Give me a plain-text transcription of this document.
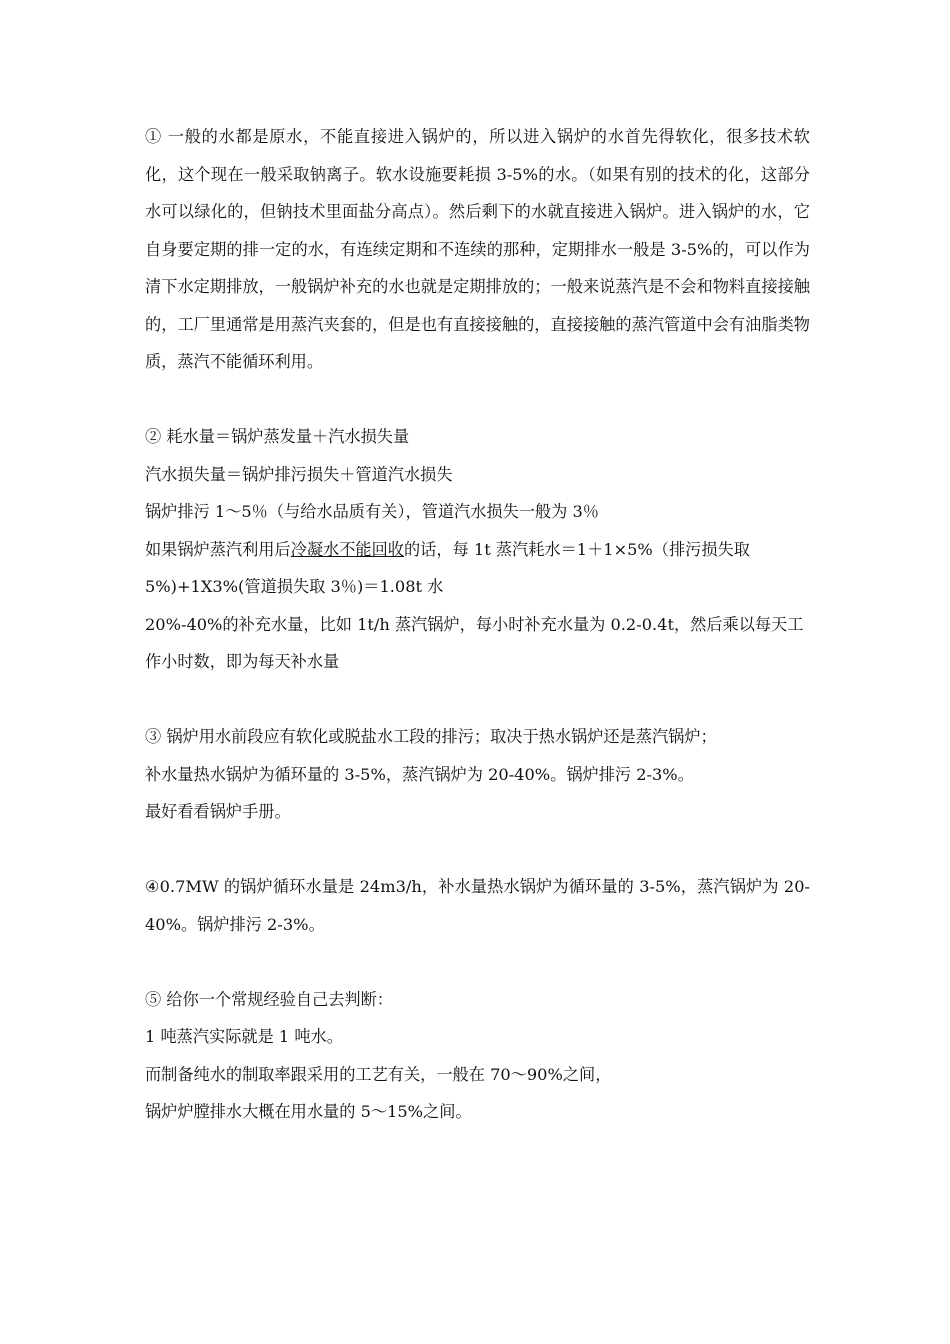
① 一般的水都是原水，不能直接进入锅炉的，所以进入锅炉的水首先得软化，很多技术软化，这个现在一般采取钠离子。软水设施要耗损 3-5%的水。（如果有别的技术的化，这部分水可以绿化的，但钠技术里面盐分高点）。然后剩下的水就直接进入锅炉。进入锅炉的水，它自身要定期的排一定的水，有连续定期和不连续的那种，定期排水一般是 3-5%的，可以作为清下水定期排放，一般锅炉补充的水也就是定期排放的；一般来说蒸汽是不会和物料直接接触的，工厂里通常是用蒸汽夹套的，但是也有直接接触的，直接接触的蒸汽管道中会有油脂类物质，蒸汽不能循环利用。

② 耗水量＝锅炉蒸发量＋汽水损失量

汽水损失量＝锅炉排污损失＋管道汽水损失

锅炉排污 1～5％（与给水品质有关），管道汽水损失一般为 3％

如果锅炉蒸汽利用后冷凝水不能回收的话，每 1t 蒸汽耗水＝1＋1×5%（排污损失取 5%)+1X3%(管道损失取 3％)＝1.08t 水

20%-40%的补充水量，比如 1t/h 蒸汽锅炉，每小时补充水量为 0.2-0.4t，然后乘以每天工作小时数，即为每天补水量

③ 锅炉用水前段应有软化或脱盐水工段的排污；取决于热水锅炉还是蒸汽锅炉；

补水量热水锅炉为循环量的 3-5%，蒸汽锅炉为 20-40%。锅炉排污 2-3%。

最好看看锅炉手册。

④0.7MW 的锅炉循环水量是 24m3/h，补水量热水锅炉为循环量的 3-5%，蒸汽锅炉为 20-40%。锅炉排污 2-3%。

⑤ 给你一个常规经验自己去判断：

1 吨蒸汽实际就是 1 吨水。

而制备纯水的制取率跟采用的工艺有关，一般在 70～90%之间，

锅炉炉膛排水大概在用水量的 5～15%之间。
